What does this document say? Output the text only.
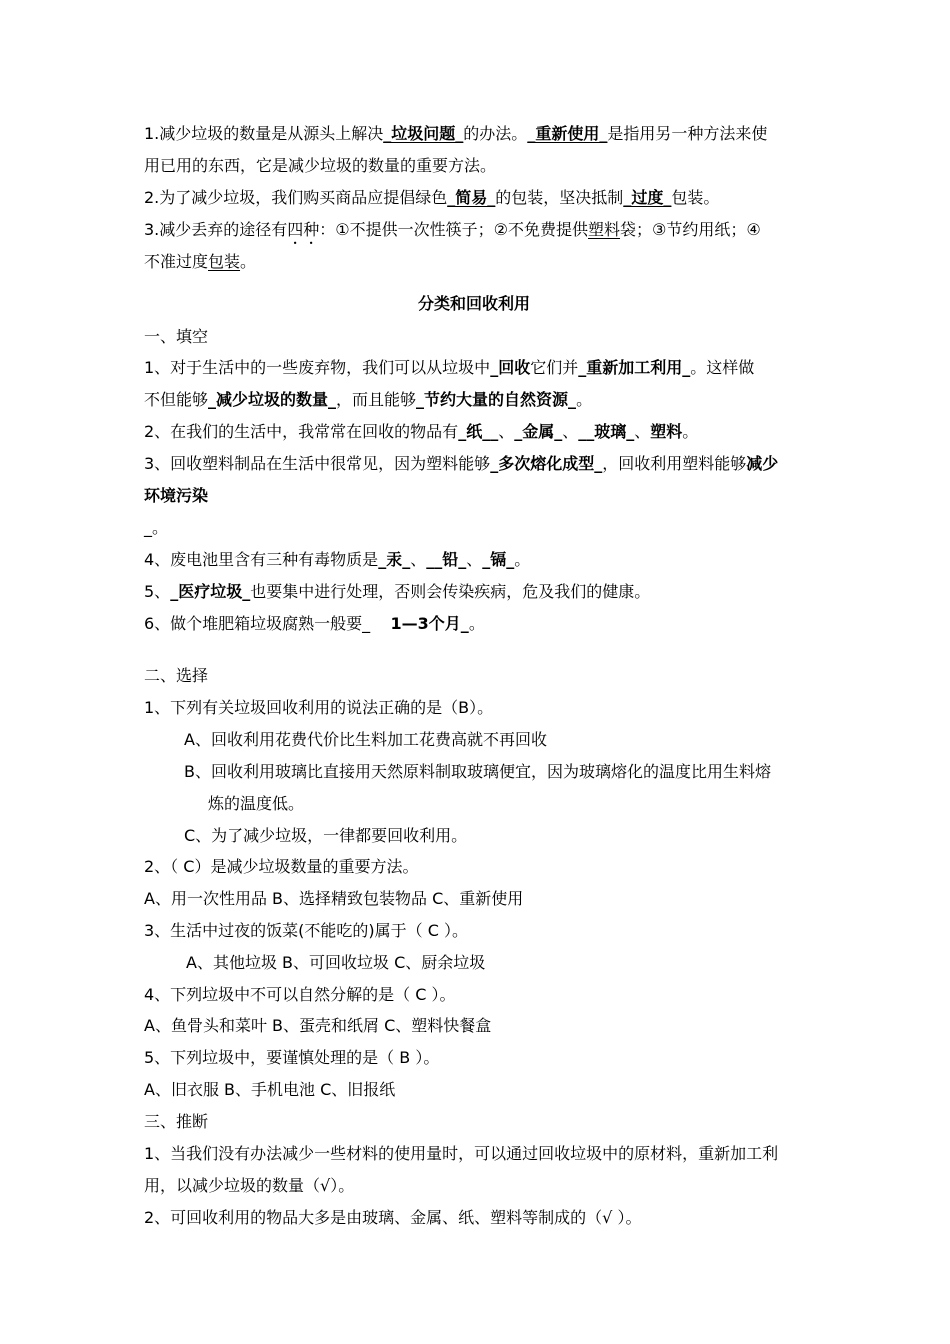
1.减少垃圾的数量是从源头上解决_垃圾问题_的办法。_重新使用_是指用另一种方法来使
用已用的东西，它是减少垃圾的数量的重要方法。
2.为了减少垃圾，我们购买商品应提倡绿色_简易_的包装，坚决抵制_过度_包装。
3.减少丢弃的途径有四种：①不提供一次性筷子；②不免费提供塑料袋；③节约用纸；④
不准过度包装。
分类和回收利用
一、填空
1、对于生活中的一些废弃物，我们可以从垃圾中_回收它们并_重新加工利用_。这样做
不但能够_减少垃圾的数量_，而且能够_节约大量的自然资源_。
2、在我们的生活中，我常常在回收的物品有_纸__、_金属_、__玻璃_、塑料。
3、回收塑料制品在生活中很常见，因为塑料能够_多次熔化成型_，回收利用塑料能够减少
环境污染
_。
4、废电池里含有三种有毒物质是_汞_、__铅_、_镉_。
5、_医疗垃圾_也要集中进行处理，否则会传染疾病，危及我们的健康。
6、做个堆肥箱垃圾腐熟一般要_    1—3个月_。
二、选择
1、下列有关垃圾回收利用的说法正确的是（B）。
A、回收利用花费代价比生料加工花费高就不再回收
B、回收利用玻璃比直接用天然原料制取玻璃便宜，因为玻璃熔化的温度比用生料熔
炼的温度低。
C、为了减少垃圾，一律都要回收利用。
2、（ C）是减少垃圾数量的重要方法。
A、用一次性用品 B、选择精致包装物品 C、重新使用
3、生活中过夜的饭菜(不能吃的)属于（ C ）。
A、其他垃圾 B、可回收垃圾 C、厨余垃圾
4、下列垃圾中不可以自然分解的是（ C ）。
A、鱼骨头和菜叶 B、蛋壳和纸屑 C、塑料快餐盒
5、下列垃圾中，要谨慎处理的是（ B ）。
A、旧衣服 B、手机电池 C、旧报纸
三、推断
1、当我们没有办法减少一些材料的使用量时，可以通过回收垃圾中的原材料，重新加工利
用，以减少垃圾的数量（√）。
2、可回收利用的物品大多是由玻璃、金属、纸、塑料等制成的（√ ）。
